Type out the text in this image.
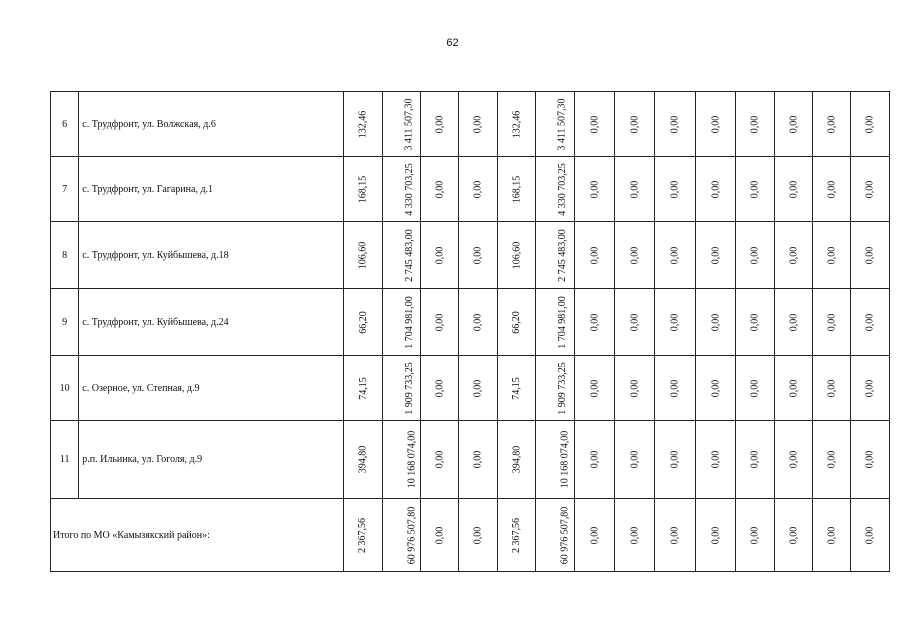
62
6	с. Трудфронт, ул. Волжская, д.6	132,46	3 411 507,30	0,00	0,00	132,46	3 411 507,30	0,00	0,00	0,00	0,00	0,00	0,00	0,00	0,00
7	с. Трудфронт, ул. Гагарина, д.1	168,15	4 330 703,25	0,00	0,00	168,15	4 330 703,25	0,00	0,00	0,00	0,00	0,00	0,00	0,00	0,00
8	с. Трудфронт, ул. Куйбышева, д.18	106,60	2 745 483,00	0,00	0,00	106,60	2 745 483,00	0,00	0,00	0,00	0,00	0,00	0,00	0,00	0,00
9	с. Трудфронт, ул. Куйбышева, д.24	66,20	1 704 981,00	0,00	0,00	66,20	1 704 981,00	0,00	0,00	0,00	0,00	0,00	0,00	0,00	0,00
10	с. Озерное, ул. Степная, д.9	74,15	1 909 733,25	0,00	0,00	74,15	1 909 733,25	0,00	0,00	0,00	0,00	0,00	0,00	0,00	0,00
11	р.п. Ильинка, ул. Гоголя, д.9	394,80	10 168 074,00	0,00	0,00	394,80	10 168 074,00	0,00	0,00	0,00	0,00	0,00	0,00	0,00	0,00
Итого по МО «Камызякский район»:		2 367,56	60 976 507,80	0,00	0,00	2 367,56	60 976 507,80	0,00	0,00	0,00	0,00	0,00	0,00	0,00	0,00
